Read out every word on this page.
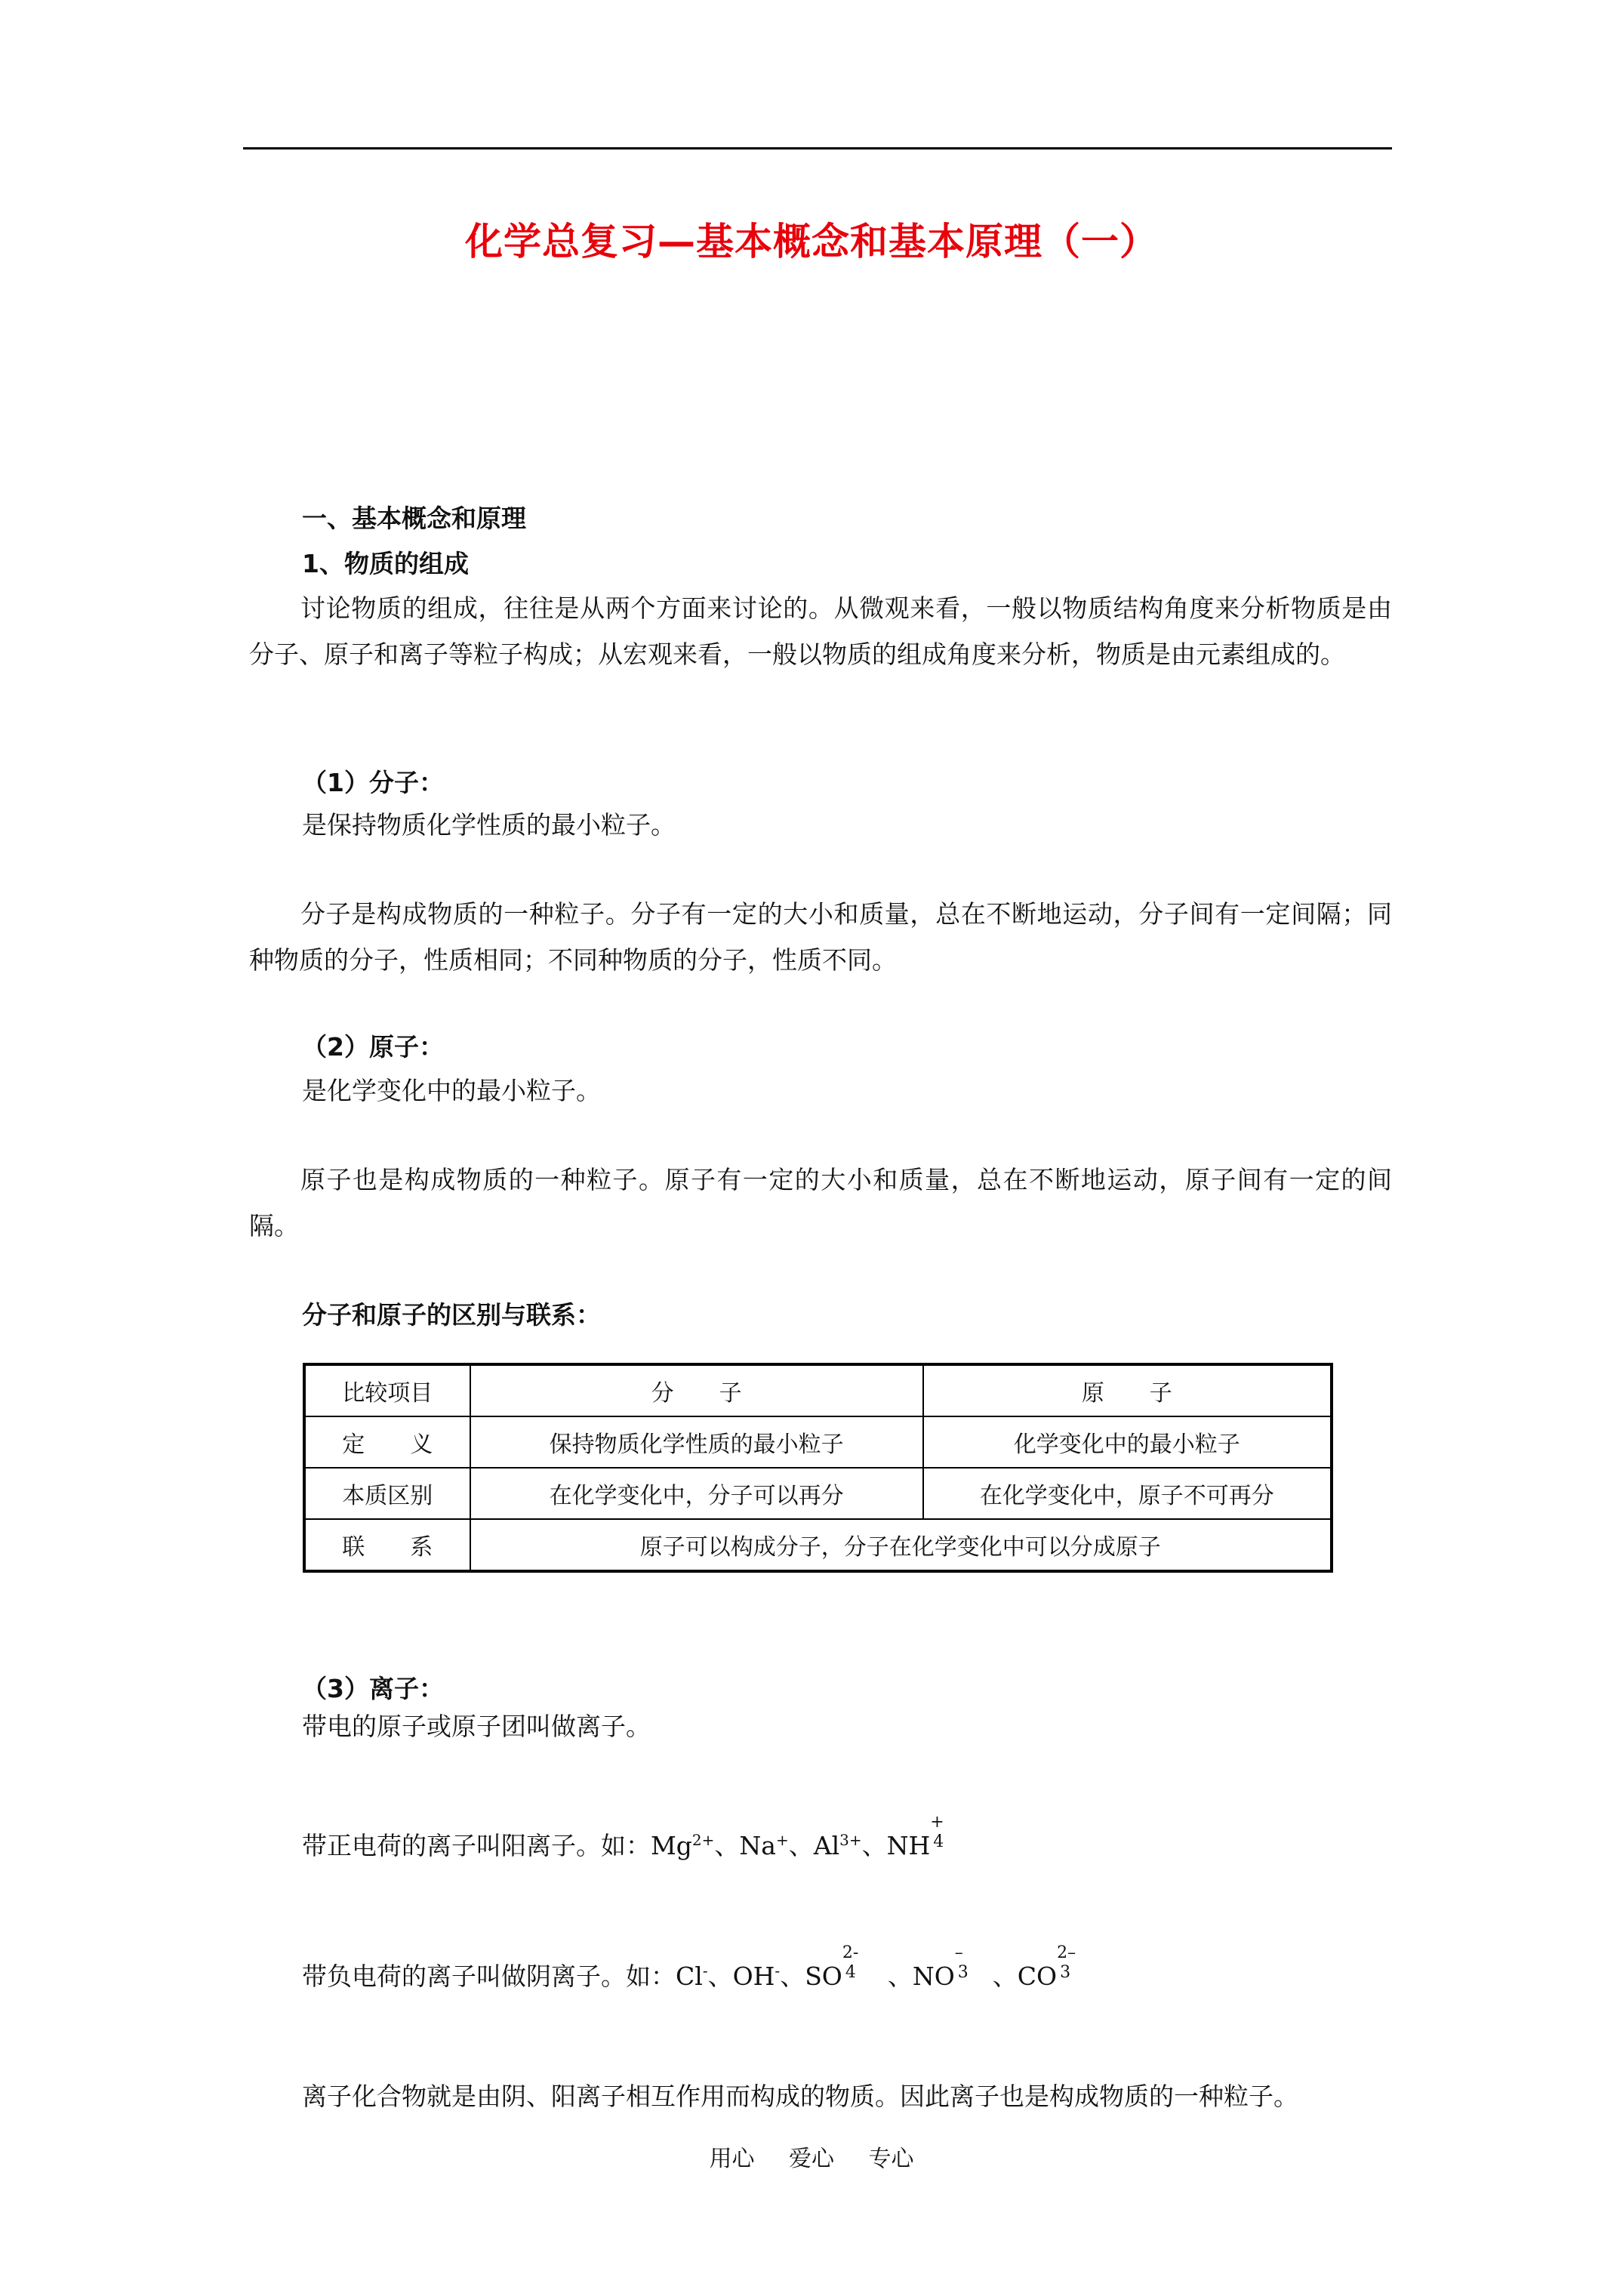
化学总复习—基本概念和基本原理（一）
一、基本概念和原理
1、物质的组成
讨论物质的组成，往往是从两个方面来讨论的。从微观来看，一般以物质结构角度来分析物质是由分子、原子和离子等粒子构成；从宏观来看，一般以物质的组成角度来分析，物质是由元素组成的。
（1）分子：
是保持物质化学性质的最小粒子。
分子是构成物质的一种粒子。分子有一定的大小和质量，总在不断地运动，分子间有一定间隔；同种物质的分子，性质相同；不同种物质的分子，性质不同。
（2）原子：
是化学变化中的最小粒子。
原子也是构成物质的一种粒子。原子有一定的大小和质量，总在不断地运动，原子间有一定的间隔。
分子和原子的区别与联系：
比较项目	分　　子	原　　子
定　　义	保持物质化学性质的最小粒子	化学变化中的最小粒子
本质区别	在化学变化中，分子可以再分	在化学变化中，原子不可再分
联　　系	原子可以构成分子，分子在化学变化中可以分成原子	
（3）离子：
带电的原子或原子团叫做离子。
带正电荷的离子叫阳离子。如：$Mg^{2+}$、Na+、$Al^{3+}$、NH
+
4
带负电荷的离子叫做阴离子。如：Cl-、OH-、SO
2-
4 、NO
–
3 、CO
2–
3
离子化合物就是由阴、阳离子相互作用而构成的物质。因此离子也是构成物质的一种粒子。
用心 爱心 专心
